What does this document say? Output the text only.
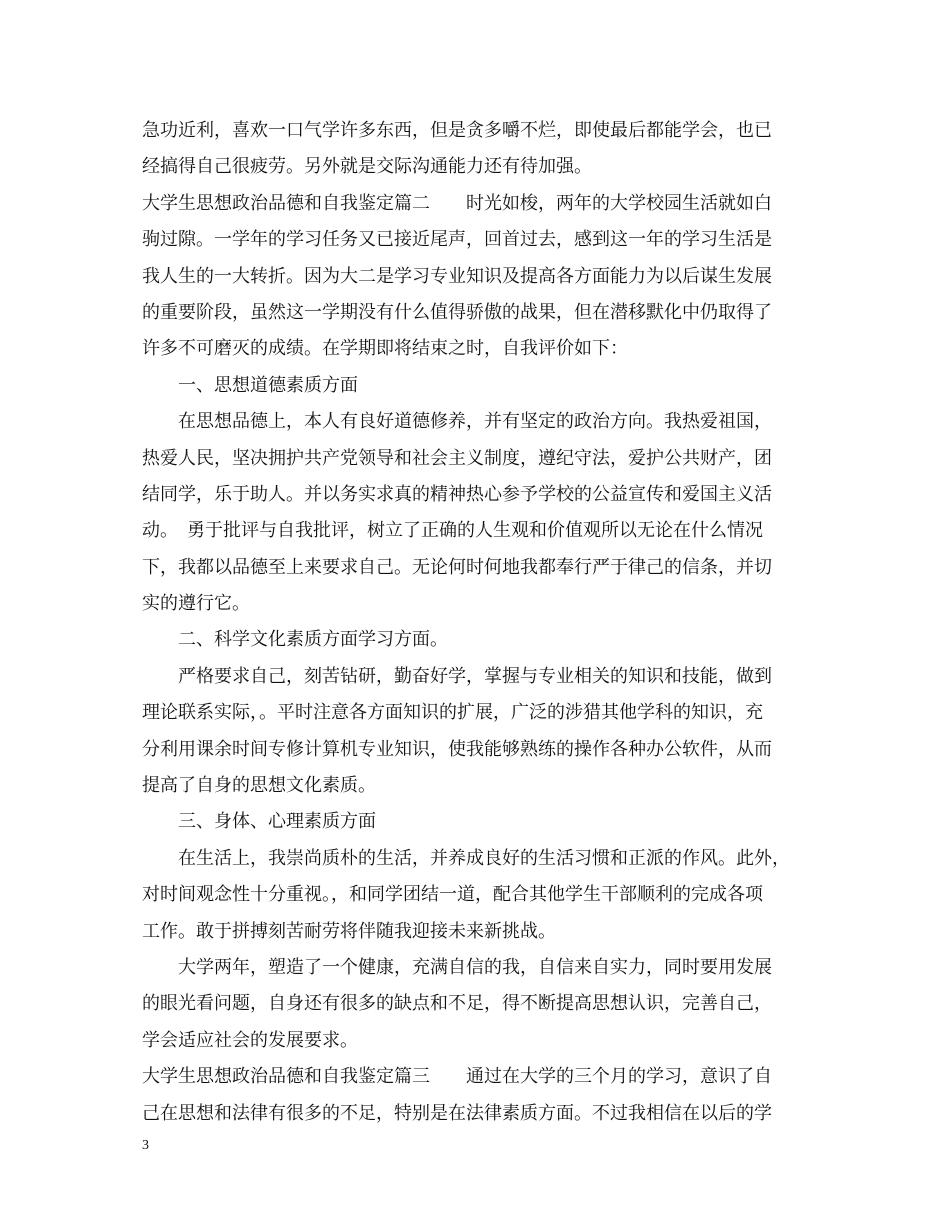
急功近利，喜欢一口气学许多东西，但是贪多嚼不烂，即使最后都能学会，也已
经搞得自己很疲劳。另外就是交际沟通能力还有待加强。
大学生思想政治品德和自我鉴定篇二　　时光如梭，两年的大学校园生活就如白
驹过隙。一学年的学习任务又已接近尾声，回首过去，感到这一年的学习生活是
我人生的一大转折。因为大二是学习专业知识及提高各方面能力为以后谋生发展
的重要阶段，虽然这一学期没有什么值得骄傲的战果，但在潜移默化中仍取得了
许多不可磨灭的成绩。在学期即将结束之时，自我评价如下：
　　一、思想道德素质方面
　　在思想品德上，本人有良好道德修养，并有坚定的政治方向。我热爱祖国，
热爱人民，坚决拥护共产党领导和社会主义制度，遵纪守法，爱护公共财产，团
结同学，乐于助人。并以务实求真的精神热心参予学校的公益宣传和爱国主义活
动。　勇于批评与自我批评，树立了正确的人生观和价值观所以无论在什么情况
下，我都以品德至上来要求自己。无论何时何地我都奉行严于律己的信条，并切
实的遵行它。
　　二、科学文化素质方面学习方面。
　　严格要求自己，刻苦钻研，勤奋好学，掌握与专业相关的知识和技能，做到
理论联系实际，。平时注意各方面知识的扩展，广泛的涉猎其他学科的知识，充
分利用课余时间专修计算机专业知识，使我能够熟练的操作各种办公软件，从而
提高了自身的思想文化素质。
　　三、身体、心理素质方面
　　在生活上，我崇尚质朴的生活，并养成良好的生活习惯和正派的作风。此外，
对时间观念性十分重视。，和同学团结一道，配合其他学生干部顺利的完成各项
工作。敢于拼搏刻苦耐劳将伴随我迎接未来新挑战。
　　大学两年，塑造了一个健康，充满自信的我，自信来自实力，同时要用发展
的眼光看问题，自身还有很多的缺点和不足，得不断提高思想认识，完善自己，
学会适应社会的发展要求。
大学生思想政治品德和自我鉴定篇三　　通过在大学的三个月的学习，意识了自
己在思想和法律有很多的不足，特别是在法律素质方面。不过我相信在以后的学
3
